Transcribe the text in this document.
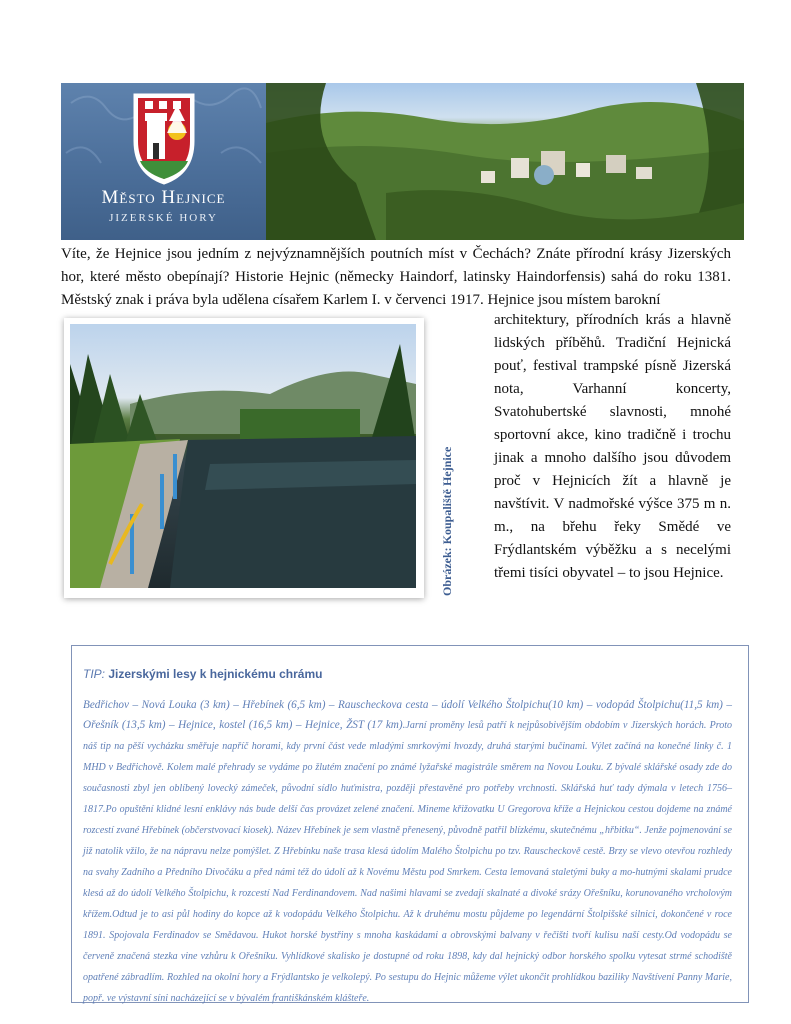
Město Hejnice
JIZERSKÉ HORY
Víte, že Hejnice jsou jedním z nejvýznamnějších poutních míst v Čechách? Znáte přírodní krásy Jizerských hor, které město obepínají? Historie Hejnic (německy Haindorf, latinsky Haindorfensis) sahá do roku 1381. Městský znak i práva byla udělena císařem Karlem I. v červenci 1917. Hejnice jsou místem barokní
Obrázek: Koupaliště Hejnice
architektury, přírodních krás a hlavně lidských příběhů. Tradiční Hejnická pouť, festival trampské písně Jizerská nota, Varhanní koncerty, Svatohubertské slavnosti, mnohé sportovní akce, kino tradičně i trochu jinak a mnoho dalšího jsou důvodem proč v Hejnicích žít a hlavně je navštívit. V nadmořské výšce 375 m n. m., na břehu řeky Smědé ve Frýdlantském výběžku a s necelými třemi tisíci obyvatel – to jsou Hejnice.
TIP: Jizerskými lesy k hejnickému chrámu
Bedřichov – Nová Louka (3 km) – Hřebínek (6,5 km) – Rauscheckova cesta – údolí Velkého Štolpichu(10 km) – vodopád Štolpichu(11,5 km) – Ořešník (13,5 km) – Hejnice, kostel (16,5 km) – Hejnice, ŽST (17 km).Jarní proměny lesů patří k nejpůsobivějším obdobím v Jizerských horách. Proto náš tip na pěší vycházku směřuje napříč horami, kdy první část vede mladými smrkovými hvozdy, druhá starými bučinami. Výlet začíná na konečné linky č. 1 MHD v Bedřichově. Kolem malé přehrady se vydáme po žlutém značení po známé lyžařské magistrále směrem na Novou Louku. Z bývalé sklářské osady zde do současnosti zbyl jen oblíbený lovecký zámeček, původní sídlo huťmistra, později přestavěné pro potřeby vrchnosti. Sklářská huť tady dýmala v letech 1756–1817.Po opuštění klidné lesní enklávy nás bude delší čas provázet zelené značení. Mineme křižovatku U Gregorova kříže a Hejnickou cestou dojdeme na známé rozcestí zvané Hřebínek (občerstvovací kiosek). Název Hřebínek je sem vlastně přenesený, původně patřil blízkému, skutečnému „hřbitku“. Jenže pojmenování se již natolik vžilo, že na nápravu nelze pomýšlet. Z Hřebínku naše trasa klesá údolím Malého Štolpichu po tzv. Rauscheckově cestě. Brzy se vlevo otevřou rozhledy na svahy Zadního a Předního Divočáku a před námi též do údolí až k Novému Městu pod Smrkem. Cesta lemovaná staletými buky a mo-hutnými skalami prudce klesá až do údolí Velkého Štolpichu, k rozcestí Nad Ferdinandovem. Nad našimi hlavami se zvedají skalnaté a divoké srázy Ořešníku, korunovaného vrcholovým křížem.Odtud je to asi půl hodiny do kopce až k vodopádu Velkého Štolpichu. Až k druhému mostu půjdeme po legendární Štolpišské silnici, dokončené v roce 1891. Spojovala Ferdinadov se Smědavou. Hukot horské bystřiny s mnoha kaskádami a obrovskými balvany v řečišti tvoří kulisu naší cesty.Od vodopádu se červeně značená stezka vine vzhůru k Ořešníku. Vyhlídkové skalisko je dostupné od roku 1898, kdy dal hejnický odbor horského spolku vytesat strmé schodiště opatřené zábradlím. Rozhled na okolní hory a Frýdlantsko je velkolepý. Po sestupu do Hejnic můžeme výlet ukončit prohlídkou baziliky Navštívení Panny Marie, popř. ve výstavní síni nacházející se v bývalém františkánském klášteře.
